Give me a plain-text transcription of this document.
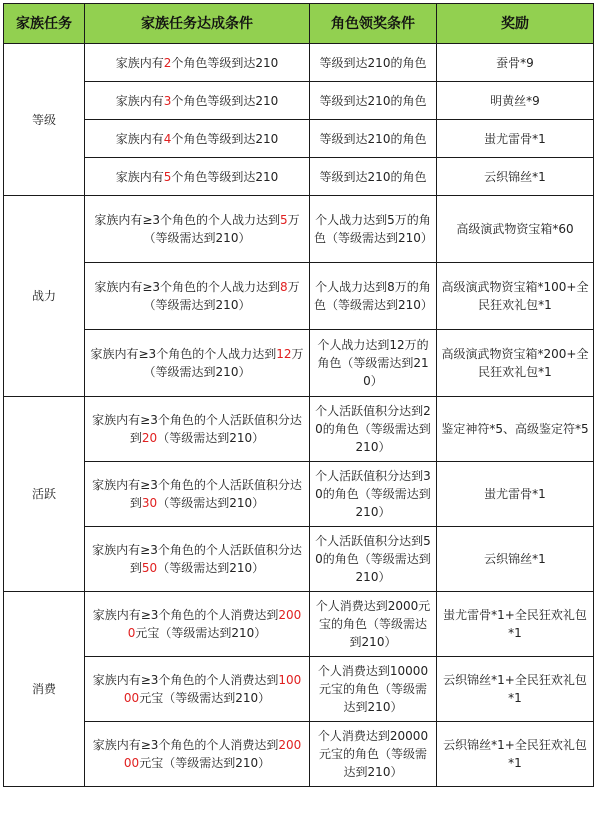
家族任务	家族任务达成条件	角色领奖条件	奖励
等级	家族内有2个角色等级到达210	等级到达210的角色	蚕骨*9
	家族内有3个角色等级到达210	等级到达210的角色	明黄丝*9
	家族内有4个角色等级到达210	等级到达210的角色	蚩尤雷骨*1
	家族内有5个角色等级到达210	等级到达210的角色	云织锦丝*1
战力	家族内有≥3个角色的个人战力达到5万（等级需达到210）	个人战力达到5万的角色（等级需达到210）	高级演武物资宝箱*60
	家族内有≥3个角色的个人战力达到8万（等级需达到210）	个人战力达到8万的角色（等级需达到210）	高级演武物资宝箱*100+全民狂欢礼包*1
	家族内有≥3个角色的个人战力达到12万（等级需达到210）	个人战力达到12万的角色（等级需达到210）	高级演武物资宝箱*200+全民狂欢礼包*1
活跃	家族内有≥3个角色的个人活跃值积分达到20（等级需达到210）	个人活跃值积分达到20的角色（等级需达到210）	鉴定神符*5、高级鉴定符*5
	家族内有≥3个角色的个人活跃值积分达到30（等级需达到210）	个人活跃值积分达到30的角色（等级需达到210）	蚩尤雷骨*1
	家族内有≥3个角色的个人活跃值积分达到50（等级需达到210）	个人活跃值积分达到50的角色（等级需达到210）	云织锦丝*1
消费	家族内有≥3个角色的个人消费达到2000元宝（等级需达到210）	个人消费达到2000元宝的角色（等级需达到210）	蚩尤雷骨*1+全民狂欢礼包*1
	家族内有≥3个角色的个人消费达到10000元宝（等级需达到210）	个人消费达到10000元宝的角色（等级需达到210）	云织锦丝*1+全民狂欢礼包*1
	家族内有≥3个角色的个人消费达到20000元宝（等级需达到210）	个人消费达到20000元宝的角色（等级需达到210）	云织锦丝*1+全民狂欢礼包*1
